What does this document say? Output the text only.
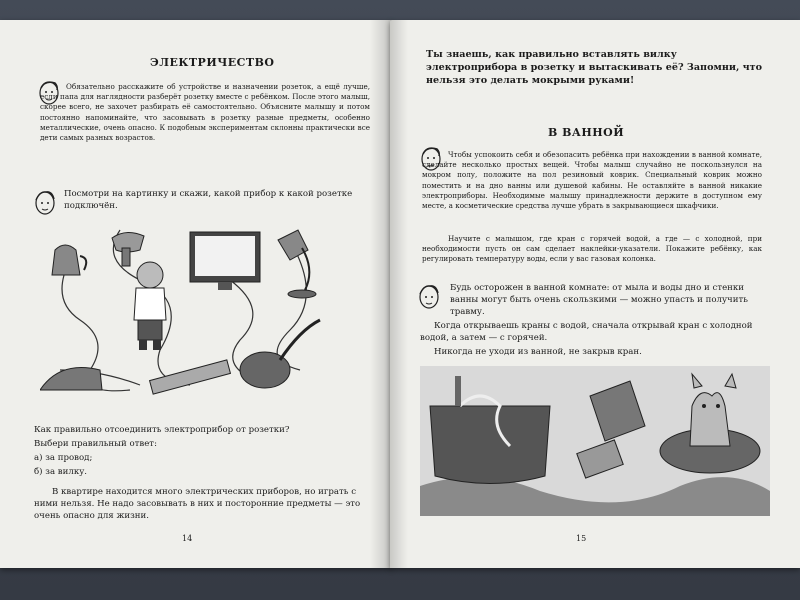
ЭЛЕКТРИЧЕСТВО
Обязательно расскажите об устройстве и назначении розеток, а ещё лучше, если папа для наглядности разберёт розетку вместе с ребёнком. После этого малыш, скорее всего, не захочет разбирать её самостоятельно. Объясните малышу и потом постоянно напоминайте, что засовывать в розетку разные предметы, особенно металлические, очень опасно. К подобным экспериментам склонны практически все дети самых разных возрастов.
Посмотри на картинку и скажи, какой прибор к какой розетке подключён.
Как правильно отсоединить электроприбор от розетки?
Выбери правильный ответ:
а) за провод;
б) за вилку.
В квартире находится много электрических приборов, но играть с ними нельзя. Не надо засовывать в них и посторонние предметы — это очень опасно для жизни.
14
Ты знаешь, как правильно вставлять вилку электроприбора в розетку и вытаскивать её? Запомни, что нельзя это делать мокрыми руками!
В ВАННОЙ
Чтобы успокоить себя и обезопасить ребёнка при нахождении в ванной комнате, сделайте несколько простых вещей. Чтобы малыш случайно не поскользнулся на мокром полу, положите на пол резиновый коврик. Специальный коврик можно поместить и на дно ванны или душевой кабины. Не оставляйте в ванной никакие электроприборы. Необходимые малышу принадлежности держите в доступном ему месте, а косметические средства лучше убрать в закрывающиеся шкафчики.
Научите с малышом, где кран с горячей водой, а где — с холодной, при необходимости пусть он сам сделает наклейки-указатели. Покажите ребёнку, как регулировать температуру воды, если у вас газовая колонка.
Будь осторожен в ванной комнате: от мыла и воды дно и стенки ванны могут быть очень скользкими — можно упасть и получить травму.
Когда открываешь краны с водой, сначала открывай кран с холодной водой, а затем — с горячей.
Никогда не уходи из ванной, не закрыв кран.
15
